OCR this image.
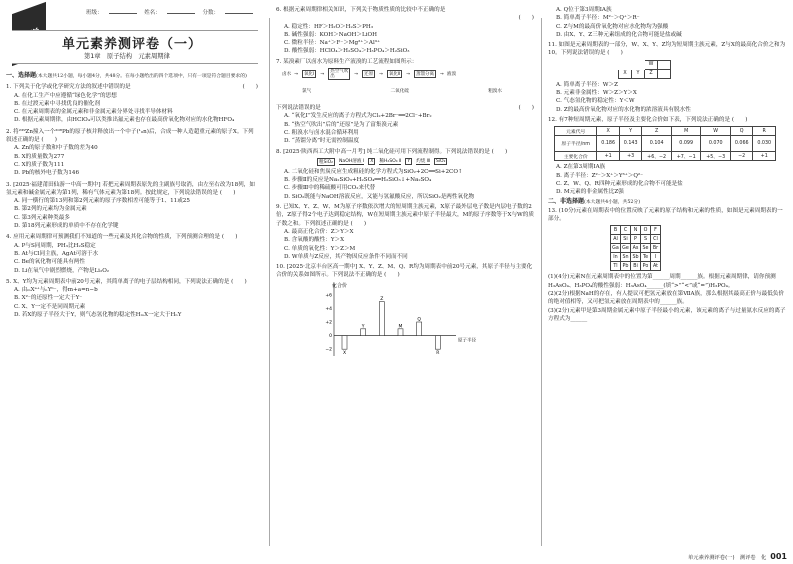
班级：	姓名：	分数：
单元素养测评卷（一）
第1章　原子结构　元素周期律
一、选择题(本大题共12小题，每小题4分，共48分。在每小题给出的四个选项中，只有一项是符合题目要求的)
1. 下列关于化学或化学研究方法的叙述中错误的是	(　　)
A. 在化工生产中应遵循“绿色化学”的思想
B. 在过渡元素中寻找优良的催化剂
C. 在元素周期表的金属元素和非金属元素分界处寻找半导体材料
D. 根据元素周期律，由HClO₄可以类推出氟元素也存在最高价氧化物对应的水化物HFO₄
2. 将²³⁹Zn撞入一个²⁰⁸Pb的原子核并释放出一个中子(¹₀n)后，合成一种人造超重元素的原子X。下列叙述正确的是 (　　)
A. Zn的原子数和中子数的差为40
B. X的质量数为277
C. X的质子数为111
D. Pb的核外电子数为146
3. [2025·福建莆田仙游一中高一期中] 若把元素周期表原先的主副族号取消，由左至右改为18列，如氢元素和碱金属元素为第1列，稀有气体元素为第18列。按此规定，下列说法错误的是 (　　)
A. 同一横行的第13列和第2列元素的原子序数相差可能等于1、11或25
B. 第2列的元素均为金属元素
C. 第3列元素种类最多
D. 第18列元素形成的单质中不存在化学键
4. 应用元素周期律可预测我们不知道的一些元素及其化合物的性质，下列预测合理的是 (　　)
A. P与S同周期，PH₃比H₂S稳定
B. At与Cl同主族，AgAt可溶于水
C. Be的氧化物可能具有两性
D. Li在氧气中剧烈燃烧，产物是Li₂O₂
5. X、Y均为元素周期表中前20号元素，其简单离子的电子层结构相同，下列说法正确的是 (　　)
A. 由ₘXᵃ⁺与ₙYᵇ⁻，得m+a=n−b
B. X²⁻的还原性一定大于Y⁻
C. X、Y一定不是同周期元素
D. 若X的原子半径大于Y，则气态氢化物的稳定性HₘX一定大于HₙY
6. 根据元素周期律相关知识，下列关于物质性质的比较中不正确的是
(　　)
A. 稳定性：HF＞H₂O＞H₂S＞PH₃
B. 碱性强弱：KOH＞NaOH＞LiOH
C. 微粒半径：Na⁺＞F⁻＞Mg²⁺＞Al³⁺
D. 酸性强弱：HClO₄＞H₂SO₄＞H₃PO₄＞H₂SiO₃
7. 某溴素厂以卤水为原料生产液溴的工艺流程如图所示：
卤水 →	氧化Ⅰ	→	热空气吹出	→	还原	→	氧化Ⅱ	→	蒸馏分离	→ 液溴
氯气	二氧化硫	粗溴水
下列说法错误的是	(　　)
A. “氧化Ⅰ”发生反应的离子方程式为Cl₂+2Br⁻══2Cl⁻+Br₂
B. “热空气吹出”后的“还原”是为了富集溴元素
C. 粗溴水与卤水混合循环利用
D. “蒸馏分离”时无需控制温度
8. [2025·陕西西工大附中高一月考] 纯二氧化硅可用下列流程制得。下列说法错误的是 (　　)
粗SiO₂	NaOH溶液 Ⅰ	X	稀H₂SO₄ Ⅱ	Y	灼烧 Ⅲ	SiO₂
A. 二氧化硅和焦炭反应生成粗硅的化学方程式为SiO₂+2C══Si+2CO↑
B. 步骤Ⅱ的反应是Na₂SiO₃+H₂SO₄══H₂SiO₃↓+Na₂SO₄
C. 步骤Ⅲ中的稀硫酸可用CO₂来代替
D. SiO₂既能与NaOH溶液反应，又能与氢氟酸反应，所以SiO₂是两性氧化物
9. 已知X、Y、Z、W、M为原子序数依次增大的短周期主族元素，X原子最外层电子数是内层电子数的2倍，Z原子得2个电子达到稳定结构，W在短周期主族元素中原子半径最大，M的原子序数等于X与W的质子数之和。下列叙述正确的是 (　　)
A. 最高正化合价：Z＞Y＞X
B. 含氧酸的酸性：Y＞X
C. 单质的氧化性：Y＞Z＞M
D. W单质与Z反应，其产物因反应条件不同而不同
10. [2025·北京丰台区高一期中] X、Y、Z、M、Q、R均为周期表中前20号元素，其原子半径与主要化合价的关系如图所示。下列说法不正确的是 (　　)
化合价
原子半径
+6
+4
+2
0
−2
X
Y
Z
M
Q
R
A. Q位于第3周期ⅠA族
B. 简单离子半径：M²⁻＞Q⁺＞R⁻
C. Z与M的最高价氧化物对应水化物均为强酸
D. 由X、Y、Z三种元素组成的化合物可能是盐或碱
11. 如图是元素周期表的一部分，W、X、Y、Z均为短周期主族元素，Z与X的最高化合价之和为10。下列说法错误的是 (　　)
		W	
X	Y	Z	
A. 简单离子半径：W＞Z
B. 元素非金属性：W＞Z＞Y＞X
C. 气态氢化物的稳定性：Y＜W
D. Z的最高价氧化物对应的水化物的浓溶液具有脱水性
12. 有7种短周期元素，原子半径及主要化合价如下表，下列说法正确的是 (　　)
元素代号	X	Y	Z	M	W	Q	R
原子半径/nm	0.186	0.143	0.104	0.099	0.070	0.066	0.030
主要化合价	+1	+3	+6、−2	+7、−1	+5、−3	−2	+1
A. Z在第3周期ⅠA族
B. 离子半径：Z²⁻＞X⁺＞Y³⁺＞Q²⁻
C. Z、W、Q、R四种元素形成的化合物不可能是盐
D. M元素的非金属性比Z强
二、非选择题(本大题共4小题，共52分)
13. (10分)元素在周期表中的位置反映了元素的原子结构和元素的性质，如图是元素周期表的一部分。
B	C	N	O	F
Al	Si	P	S	Cl
Ga	Ge	As	Se	Br
In	Sn	Sb	Te	I
Tl	Pb	Bi	Po	At
(1)(4分)元素N在元素周期表中的位置为第______周期______族。根据元素周期律，请你预测H₃AsO₄、H₃PO₄的酸性强弱：H₃AsO₄______(填“>”“<”或“=”)H₃PO₄。
(2)(2分)根据NaH的存在，有人提议可把氢元素放在第ⅦA族，那么根据其最高正价与最低负价的绝对值相等，又可把氢元素放在周期表中的______族。
(3)(2分)元素甲是第3周期金属元素中原子半径最小的元素，该元素的离子与过量氨水反应的离子方程式为______
单元素养测评卷(一)　测评卷　化 001
